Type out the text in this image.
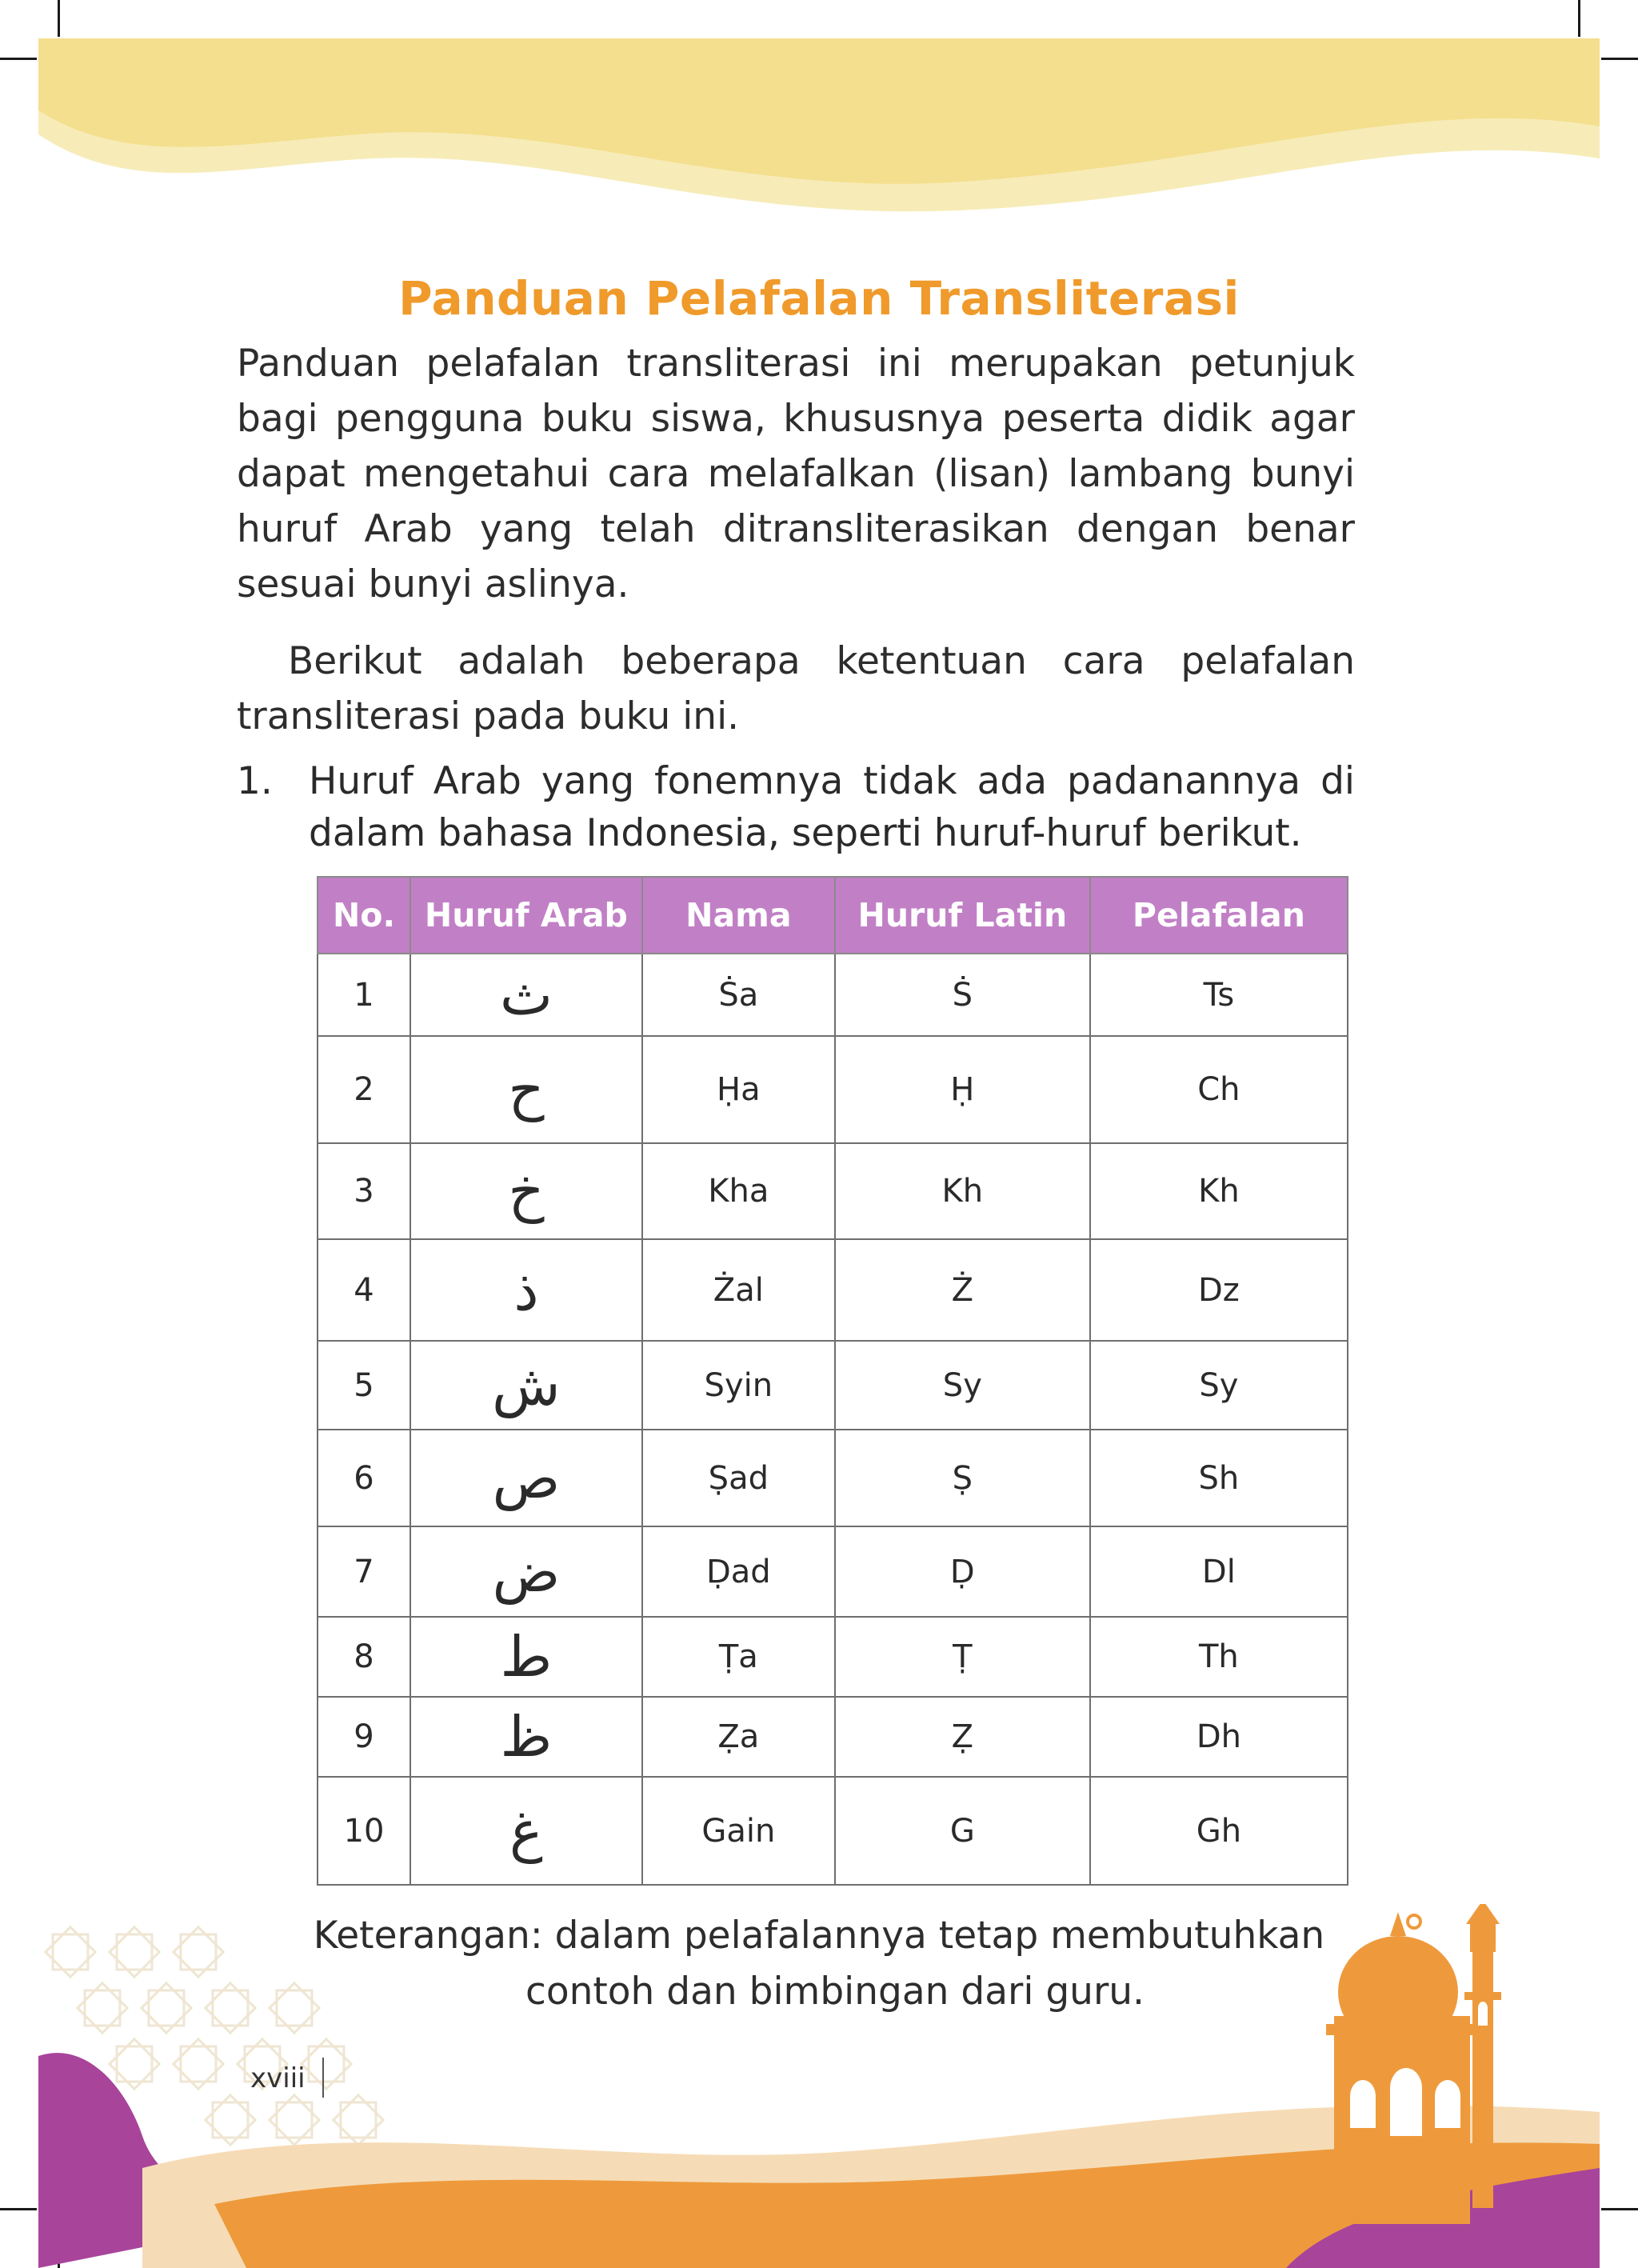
Panduan Pelafalan Transliterasi

Panduan pelafalan transliterasi ini merupakan petunjuk bagi pengguna buku siswa, khususnya peserta didik agar dapat mengetahui cara melafalkan (lisan) lambang bunyi huruf Arab yang telah ditransliterasikan dengan benar sesuai bunyi aslinya.

Berikut adalah beberapa ketentuan cara pelafalan transliterasi pada buku ini.

1. Huruf Arab yang fonemnya tidak ada padanannya di dalam bahasa Indonesia, seperti huruf-huruf berikut.
No.	Huruf Arab	Nama	Huruf Latin	Pelafalan
1	ث	Ṡa	Ṡ	Ts
2	ح	Ḥa	Ḥ	Ch
3	خ	Kha	Kh	Kh
4	ذ	Żal	Ż	Dz
5	ش	Syin	Sy	Sy
6	ص	Ṣad	Ṣ	Sh
7	ض	Ḍad	Ḍ	Dl
8	ط	Ṭa	Ṭ	Th
9	ظ	Ẓa	Ẓ	Dh
10	غ	Gain	G	Gh
Keterangan: dalam pelafalannya tetap membutuhkan

contoh dan bimbingan dari guru.
xviii
